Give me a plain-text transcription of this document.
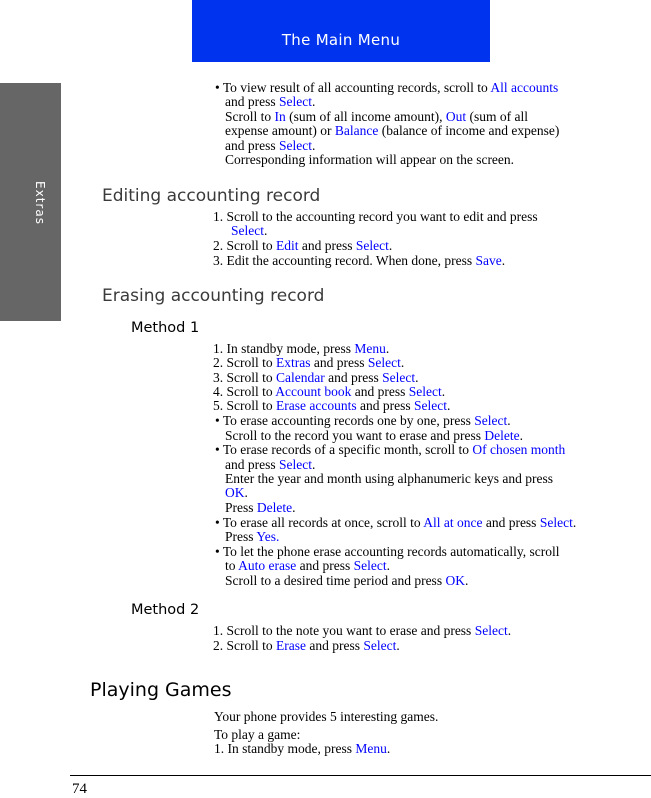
The Main Menu
Extras
• To view result of all accounting records, scroll to All accounts
and press Select.
Scroll to In (sum of all income amount), Out (sum of all
expense amount) or Balance (balance of income and expense)
and press Select.
Corresponding information will appear on the screen.
Editing accounting record
1. Scroll to the accounting record you want to edit and press
Select.
2. Scroll to Edit and press Select.
3. Edit the accounting record. When done, press Save.
Erasing accounting record
Method 1
1. In standby mode, press Menu.
2. Scroll to Extras and press Select.
3. Scroll to Calendar and press Select.
4. Scroll to Account book and press Select.
5. Scroll to Erase accounts and press Select.
• To erase accounting records one by one, press Select.
Scroll to the record you want to erase and press Delete.
• To erase records of a specific month, scroll to Of chosen month
and press Select.
Enter the year and month using alphanumeric keys and press
OK.
Press Delete.
• To erase all records at once, scroll to All at once and press Select.
Press Yes.
• To let the phone erase accounting records automatically, scroll
to Auto erase and press Select.
Scroll to a desired time period and press OK.
Method 2
1. Scroll to the note you want to erase and press Select.
2. Scroll to Erase and press Select.
Playing Games
Your phone provides 5 interesting games.
To play a game:
1. In standby mode, press Menu.
74
